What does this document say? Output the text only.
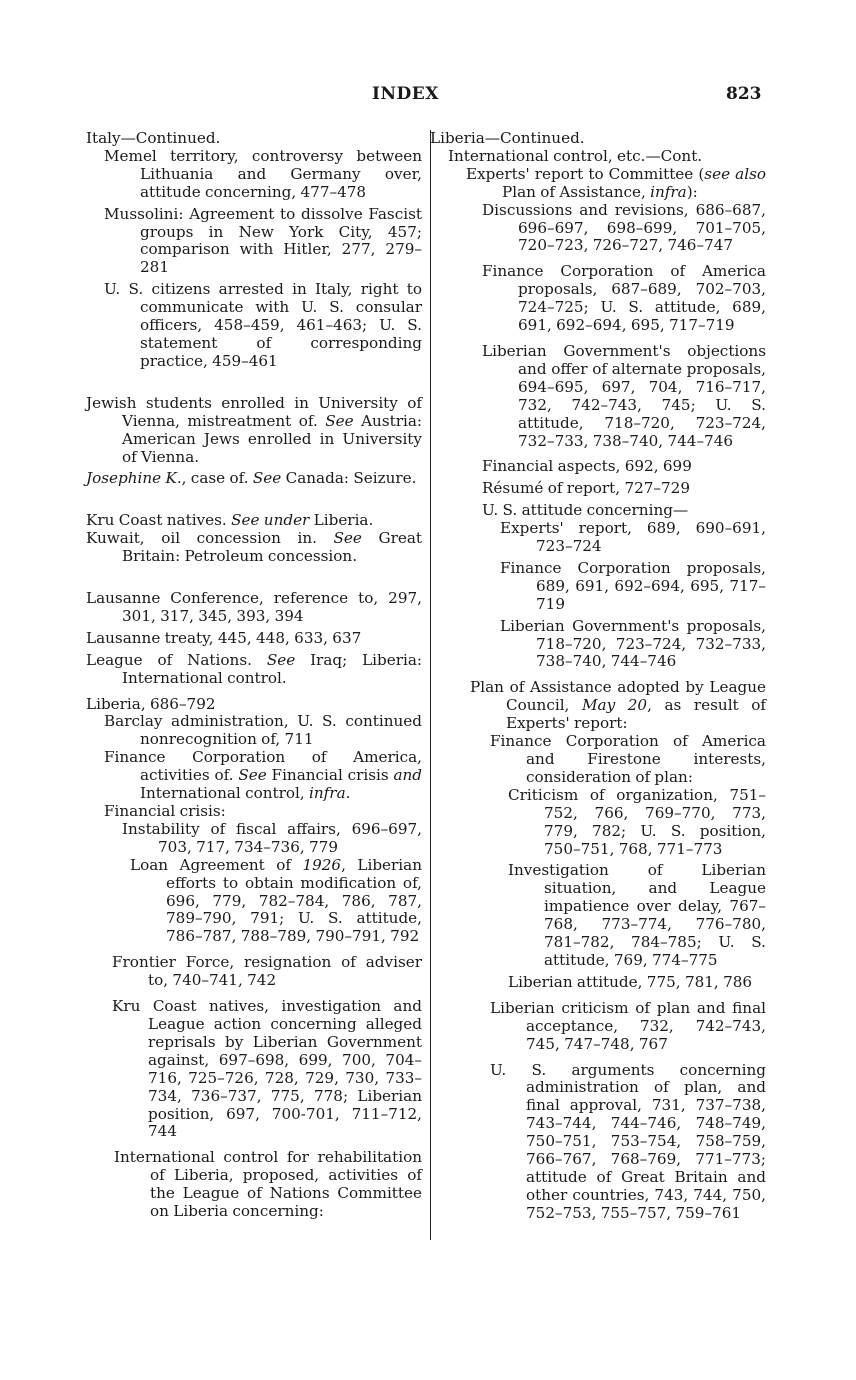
INDEX	823
Italy—Continued.
Memel territory, controversy between Lithuania and Germany over, attitude concerning, 477–478
Mussolini: Agreement to dissolve Fascist groups in New York City, 457; comparison with Hitler, 277, 279–281
U. S. citizens arrested in Italy, right to communicate with U. S. consular officers, 458–459, 461–463; U. S. statement of corresponding practice, 459–461
Jewish students enrolled in University of Vienna, mistreatment of. See Austria: American Jews enrolled in University of Vienna.
Josephine K., case of. See Canada: Seizure.
Kru Coast natives. See under Liberia.
Kuwait, oil concession in. See Great Britain: Petroleum concession.
Lausanne Conference, reference to, 297, 301, 317, 345, 393, 394
Lausanne treaty, 445, 448, 633, 637
League of Nations. See Iraq; Liberia: International control.
Liberia, 686–792
Barclay administration, U. S. continued nonrecognition of, 711
Finance Corporation of America, activities of. See Financial crisis and International control, infra.
Financial crisis:
Instability of fiscal affairs, 696–697, 703, 717, 734–736, 779
Loan Agreement of 1926, Liberian efforts to obtain modification of, 696, 779, 782–784, 786, 787, 789–790, 791; U. S. attitude, 786–787, 788–789, 790–791, 792
Frontier Force, resignation of adviser to, 740–741, 742
Kru Coast natives, investigation and League action concerning alleged reprisals by Liberian Government against, 697–698, 699, 700, 704–716, 725–726, 728, 729, 730, 733–734, 736–737, 775, 778; Liberian position, 697, 700-701, 711–712, 744
International control for rehabilitation of Liberia, proposed, activities of the League of Nations Committee on Liberia concerning:
Liberia—Continued.
International control, etc.—Cont.
Experts' report to Committee (see also Plan of Assistance, infra):
Discussions and revisions, 686–687, 696–697, 698–699, 701–705, 720–723, 726–727, 746–747
Finance Corporation of America proposals, 687–689, 702–703, 724–725; U. S. attitude, 689, 691, 692–694, 695, 717–719
Liberian Government's objections and offer of alternate proposals, 694–695, 697, 704, 716–717, 732, 742–743, 745; U. S. attitude, 718–720, 723–724, 732–733, 738–740, 744–746
Financial aspects, 692, 699
Résumé of report, 727–729
U. S. attitude concerning—
Experts' report, 689, 690–691, 723–724
Finance Corporation proposals, 689, 691, 692–694, 695, 717–719
Liberian Government's proposals, 718–720, 723–724, 732–733, 738–740, 744–746
Plan of Assistance adopted by League Council, May 20, as result of Experts' report:
Finance Corporation of America and Firestone interests, consideration of plan:
Criticism of organization, 751–752, 766, 769–770, 773, 779, 782; U. S. position, 750–751, 768, 771–773
Investigation of Liberian situation, and League impatience over delay, 767–768, 773–774, 776–780, 781–782, 784–785; U. S. attitude, 769, 774–775
Liberian attitude, 775, 781, 786
Liberian criticism of plan and final acceptance, 732, 742–743, 745, 747–748, 767
U. S. arguments concerning administration of plan, and final approval, 731, 737–738, 743–744, 744–746, 748–749, 750–751, 753–754, 758–759, 766–767, 768–769, 771–773; attitude of Great Britain and other countries, 743, 744, 750, 752–753, 755–757, 759–761
